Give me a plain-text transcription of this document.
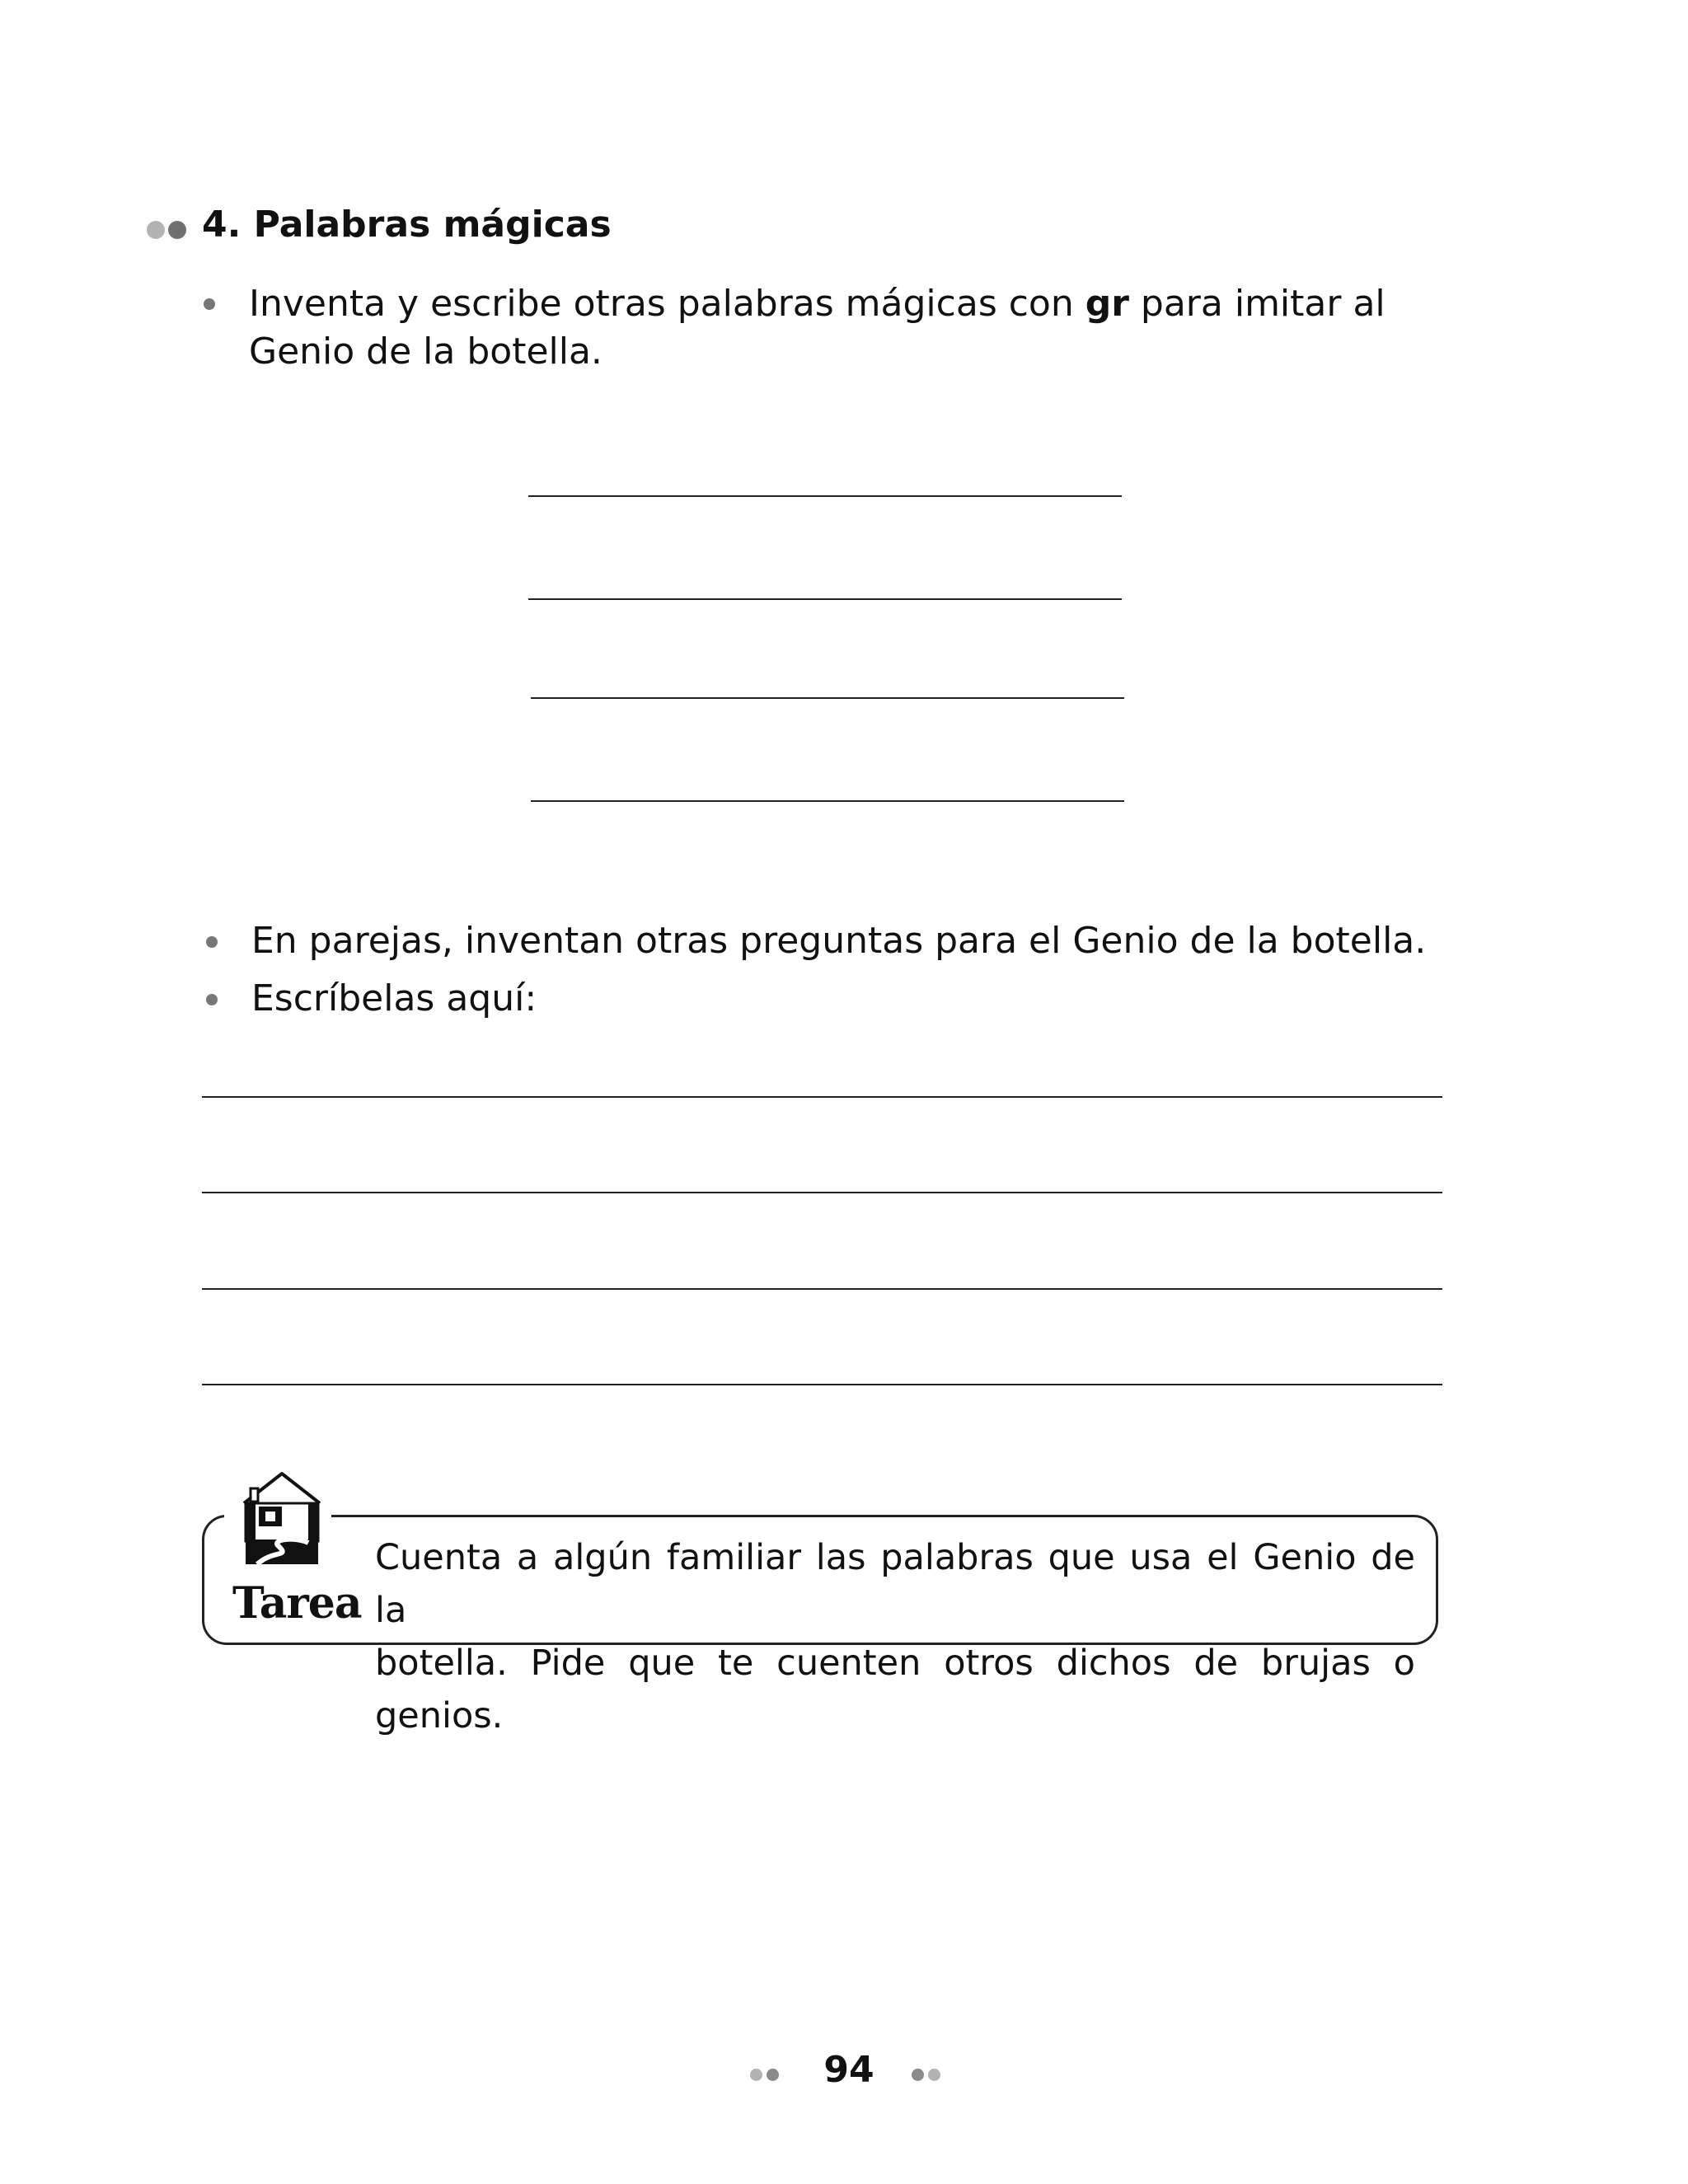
4. Palabras mágicas
Inventa y escribe otras palabras mágicas con gr para imitar al Genio de la botella.
En parejas, inventan otras preguntas para el Genio de la botella.
Escríbelas aquí:
Tarea
Cuenta a algún familiar las palabras que usa el Genio de la
botella. Pide que te cuenten otros dichos de brujas o genios.
94
